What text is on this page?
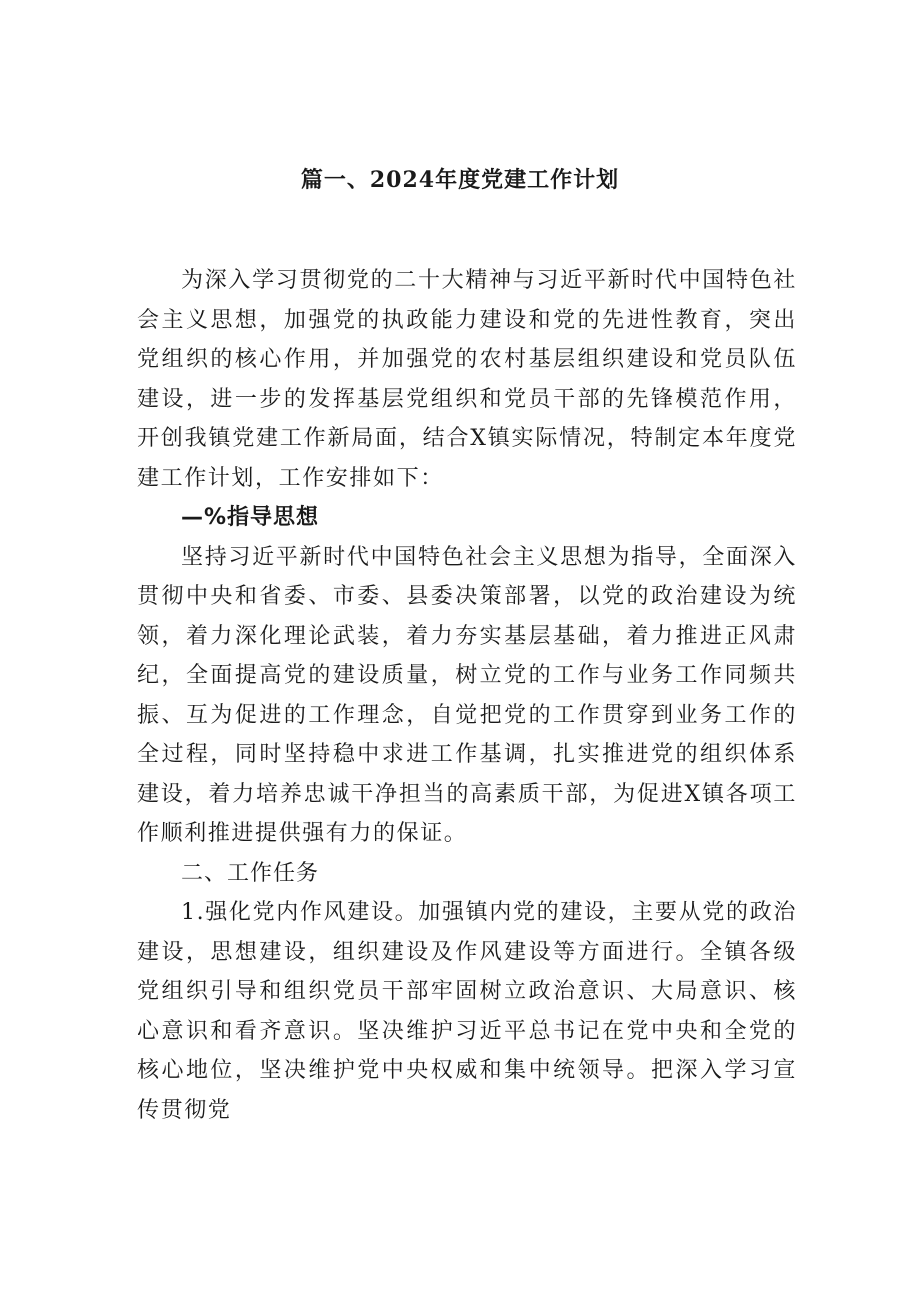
篇一、2024年度党建工作计划

为深入学习贯彻党的二十大精神与习近平新时代中国特色社会主义思想，加强党的执政能力建设和党的先进性教育，突出党组织的核心作用，并加强党的农村基层组织建设和党员队伍建设，进一步的发挥基层党组织和党员干部的先锋模范作用，开创我镇党建工作新局面，结合X镇实际情况，特制定本年度党建工作计划，工作安排如下：

—%指导思想

坚持习近平新时代中国特色社会主义思想为指导，全面深入贯彻中央和省委、市委、县委决策部署，以党的政治建设为统领，着力深化理论武装，着力夯实基层基础，着力推进正风肃纪，全面提高党的建设质量，树立党的工作与业务工作同频共振、互为促进的工作理念，自觉把党的工作贯穿到业务工作的全过程，同时坚持稳中求进工作基调，扎实推进党的组织体系建设，着力培养忠诚干净担当的高素质干部，为促进X镇各项工作顺利推进提供强有力的保证。

二、工作任务

1.强化党内作风建设。加强镇内党的建设，主要从党的政治建设，思想建设，组织建设及作风建设等方面进行。全镇各级党组织引导和组织党员干部牢固树立政治意识、大局意识、核心意识和看齐意识。坚决维护习近平总书记在党中央和全党的核心地位，坚决维护党中央权威和集中统领导。把深入学习宣传贯彻党
